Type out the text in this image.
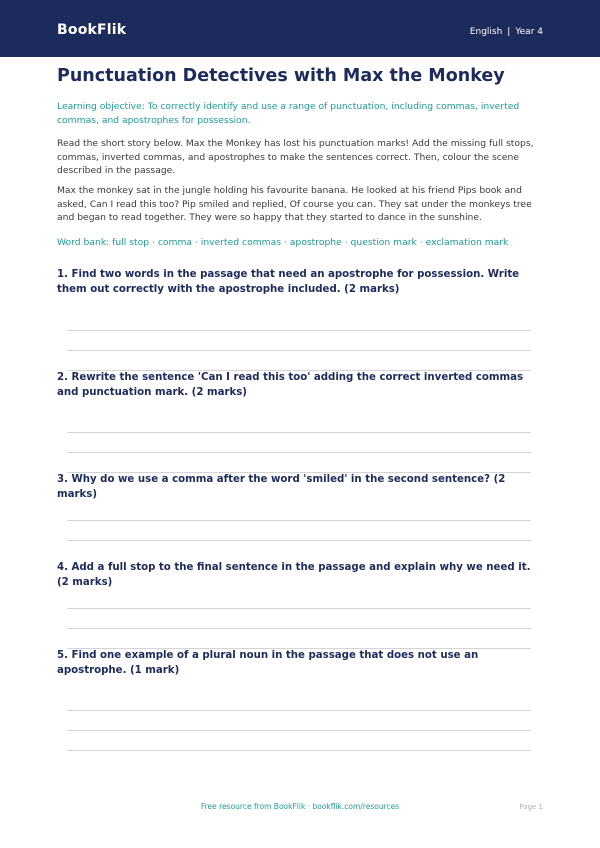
BookFlik	English | Year 4
Punctuation Detectives with Max the Monkey
Learning objective: To correctly identify and use a range of punctuation, including commas, inverted commas, and apostrophes for possession.
Read the short story below. Max the Monkey has lost his punctuation marks! Add the missing full stops, commas, inverted commas, and apostrophes to make the sentences correct. Then, colour the scene described in the passage.
Max the monkey sat in the jungle holding his favourite banana. He looked at his friend Pips book and asked, Can I read this too? Pip smiled and replied, Of course you can. They sat under the monkeys tree and began to read together. They were so happy that they started to dance in the sunshine.
Word bank: full stop · comma · inverted commas · apostrophe · question mark · exclamation mark
1. Find two words in the passage that need an apostrophe for possession. Write them out correctly with the apostrophe included. (2 marks)
2. Rewrite the sentence 'Can I read this too' adding the correct inverted commas and punctuation mark. (2 marks)
3. Why do we use a comma after the word 'smiled' in the second sentence? (2 marks)
4. Add a full stop to the final sentence in the passage and explain why we need it. (2 marks)
5. Find one example of a plural noun in the passage that does not use an apostrophe. (1 mark)
Free resource from BookFlik · bookflik.com/resources	Page 1
